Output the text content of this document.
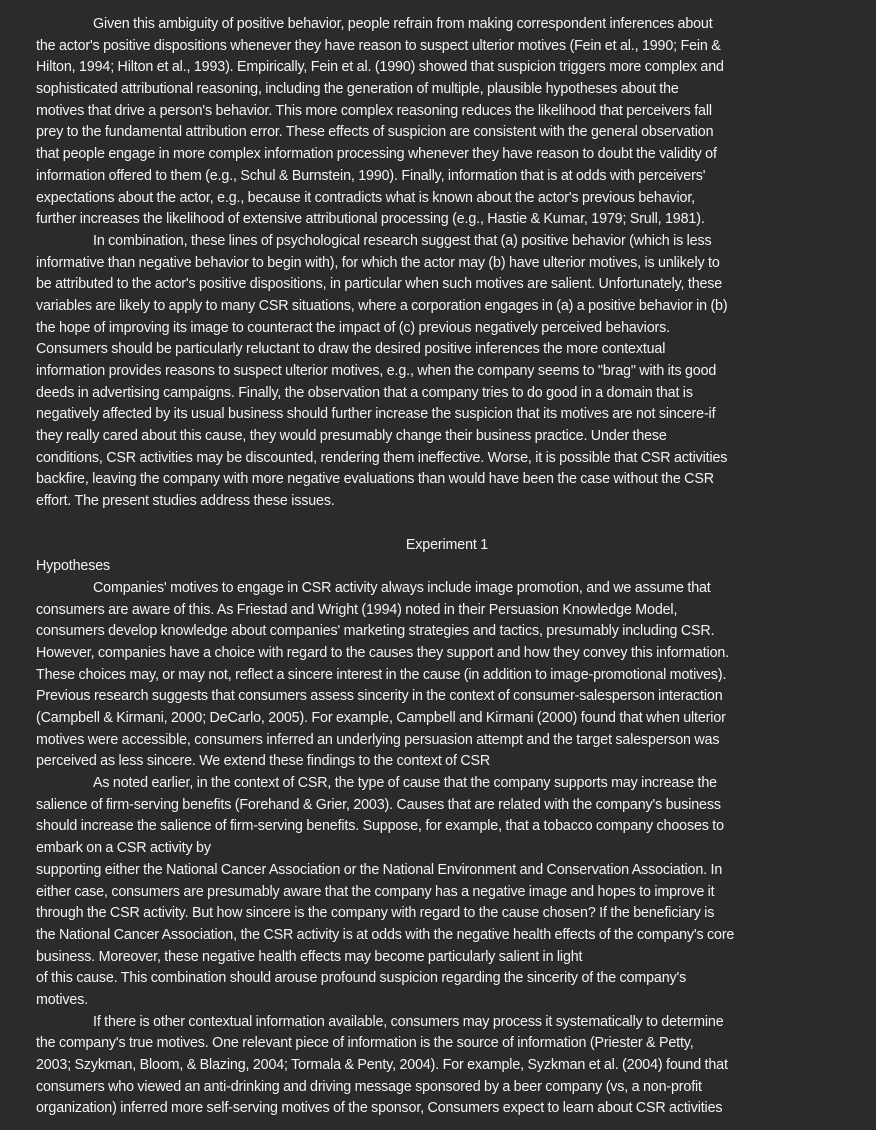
Given this ambiguity of positive behavior, people refrain from making correspondent inferences about
the actor's positive dispositions whenever they have reason to suspect ulterior motives (Fein et al., 1990; Fein &
Hilton, 1994; Hilton et al., 1993). Empirically, Fein et al. (1990) showed that suspicion triggers more complex and
sophisticated attributional reasoning, including the generation of multiple, plausible hypotheses about the
motives that drive a person's behavior. This more complex reasoning reduces the likelihood that perceivers fall
prey to the fundamental attribution error. These effects of suspicion are consistent with the general observation
that people engage in more complex information processing whenever they have reason to doubt the validity of
information offered to them (e.g., Schul & Burnstein, 1990). Finally, information that is at odds with perceivers'
expectations about the actor, e.g., because it contradicts what is known about the actor's previous behavior,
further increases the likelihood of extensive attributional processing (e.g., Hastie & Kumar, 1979; Srull, 1981).
In combination, these lines of psychological research suggest that (a) positive behavior (which is less
informative than negative behavior to begin with), for which the actor may (b) have ulterior motives, is unlikely to
be attributed to the actor's positive dispositions, in particular when such motives are salient. Unfortunately, these
variables are likely to apply to many CSR situations, where a corporation engages in (a) a positive behavior in (b)
the hope of improving its image to counteract the impact of (c) previous negatively perceived behaviors.
Consumers should be particularly reluctant to draw the desired positive inferences the more contextual
information provides reasons to suspect ulterior motives, e.g., when the company seems to "brag" with its good
deeds in advertising campaigns. Finally, the observation that a company tries to do good in a domain that is
negatively affected by its usual business should further increase the suspicion that its motives are not sincere-if
they really cared about this cause, they would presumably change their business practice. Under these
conditions, CSR activities may be discounted, rendering them ineffective. Worse, it is possible that CSR activities
backfire, leaving the company with more negative evaluations than would have been the case without the CSR
effort. The present studies address these issues.
Experiment 1
Hypotheses
Companies' motives to engage in CSR activity always include image promotion, and we assume that
consumers are aware of this. As Friestad and Wright (1994) noted in their Persuasion Knowledge Model,
consumers develop knowledge about companies' marketing strategies and tactics, presumably including CSR.
However, companies have a choice with regard to the causes they support and how they convey this information.
These choices may, or may not, reflect a sincere interest in the cause (in addition to image-promotional motives).
Previous research suggests that consumers assess sincerity in the context of consumer-salesperson interaction
(Campbell & Kirmani, 2000; DeCarlo, 2005). For example, Campbell and Kirmani (2000) found that when ulterior
motives were accessible, consumers inferred an underlying persuasion attempt and the target salesperson was
perceived as less sincere. We extend these findings to the context of CSR
As noted earlier, in the context of CSR, the type of cause that the company supports may increase the
salience of firm-serving benefits (Forehand & Grier, 2003). Causes that are related with the company's business
should increase the salience of firm-serving benefits. Suppose, for example, that a tobacco company chooses to
embark on a CSR activity by
supporting either the National Cancer Association or the National Environment and Conservation Association. In
either case, consumers are presumably aware that the company has a negative image and hopes to improve it
through the CSR activity. But how sincere is the company with regard to the cause chosen? If the beneficiary is
the National Cancer Association, the CSR activity is at odds with the negative health effects of the company's core
business. Moreover, these negative health effects may become particularly salient in light
of this cause. This combination should arouse profound suspicion regarding the sincerity of the company's
motives.
If there is other contextual information available, consumers may process it systematically to determine
the company's true motives. One relevant piece of information is the source of information (Priester & Petty,
2003; Szykman, Bloom, & Blazing, 2004; Tormala & Penty, 2004). For example, Syzkman et al. (2004) found that
consumers who viewed an anti-drinking and driving message sponsored by a beer company (vs, a non-profit
organization) inferred more self-serving motives of the sponsor, Consumers expect to learn about CSR activities
